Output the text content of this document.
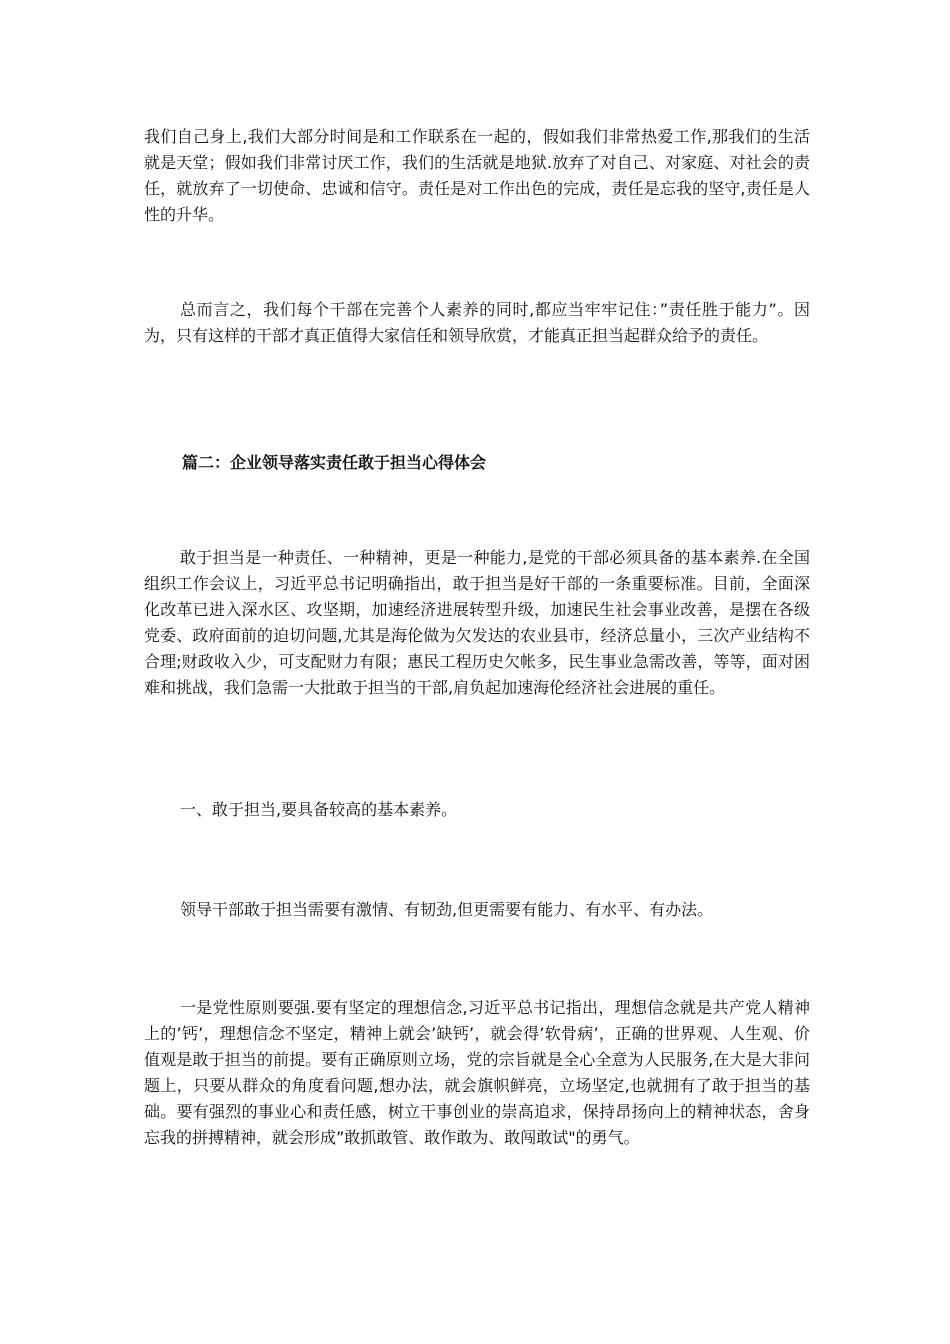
我们自己身上,我们大部分时间是和工作联系在一起的，假如我们非常热爱工作,那我们的生活就是天堂；假如我们非常讨厌工作，我们的生活就是地狱.放弃了对自己、对家庭、对社会的责任，就放弃了一切使命、忠诚和信守。责任是对工作出色的完成，责任是忘我的坚守,责任是人性的升华。

总而言之，我们每个干部在完善个人素养的同时,都应当牢牢记住：”责任胜于能力”。因为，只有这样的干部才真正值得大家信任和领导欣赏，才能真正担当起群众给予的责任。

篇二：企业领导落实责任敢于担当心得体会

敢于担当是一种责任、一种精神，更是一种能力,是党的干部必须具备的基本素养.在全国组织工作会议上，习近平总书记明确指出，敢于担当是好干部的一条重要标准。目前，全面深化改革已进入深水区、攻坚期，加速经济进展转型升级，加速民生社会事业改善，是摆在各级党委、政府面前的迫切问题,尤其是海伦做为欠发达的农业县市，经济总量小，三次产业结构不合理;财政收入少，可支配财力有限；惠民工程历史欠帐多，民生事业急需改善，等等，面对困难和挑战，我们急需一大批敢于担当的干部,肩负起加速海伦经济社会进展的重任。

一、敢于担当,要具备较高的基本素养。

领导干部敢于担当需要有激情、有韧劲,但更需要有能力、有水平、有办法。

一是党性原则要强.要有坚定的理想信念,习近平总书记指出，理想信念就是共产党人精神上的’钙’，理想信念不坚定，精神上就会’缺钙’，就会得’软骨病’，正确的世界观、人生观、价值观是敢于担当的前提。要有正确原则立场，党的宗旨就是全心全意为人民服务,在大是大非问题上，只要从群众的角度看问题,想办法，就会旗帜鲜亮，立场坚定,也就拥有了敢于担当的基础。要有强烈的事业心和责任感，树立干事创业的崇高追求，保持昂扬向上的精神状态，舍身忘我的拼搏精神，就会形成”敢抓敢管、敢作敢为、敢闯敢试"的勇气。
